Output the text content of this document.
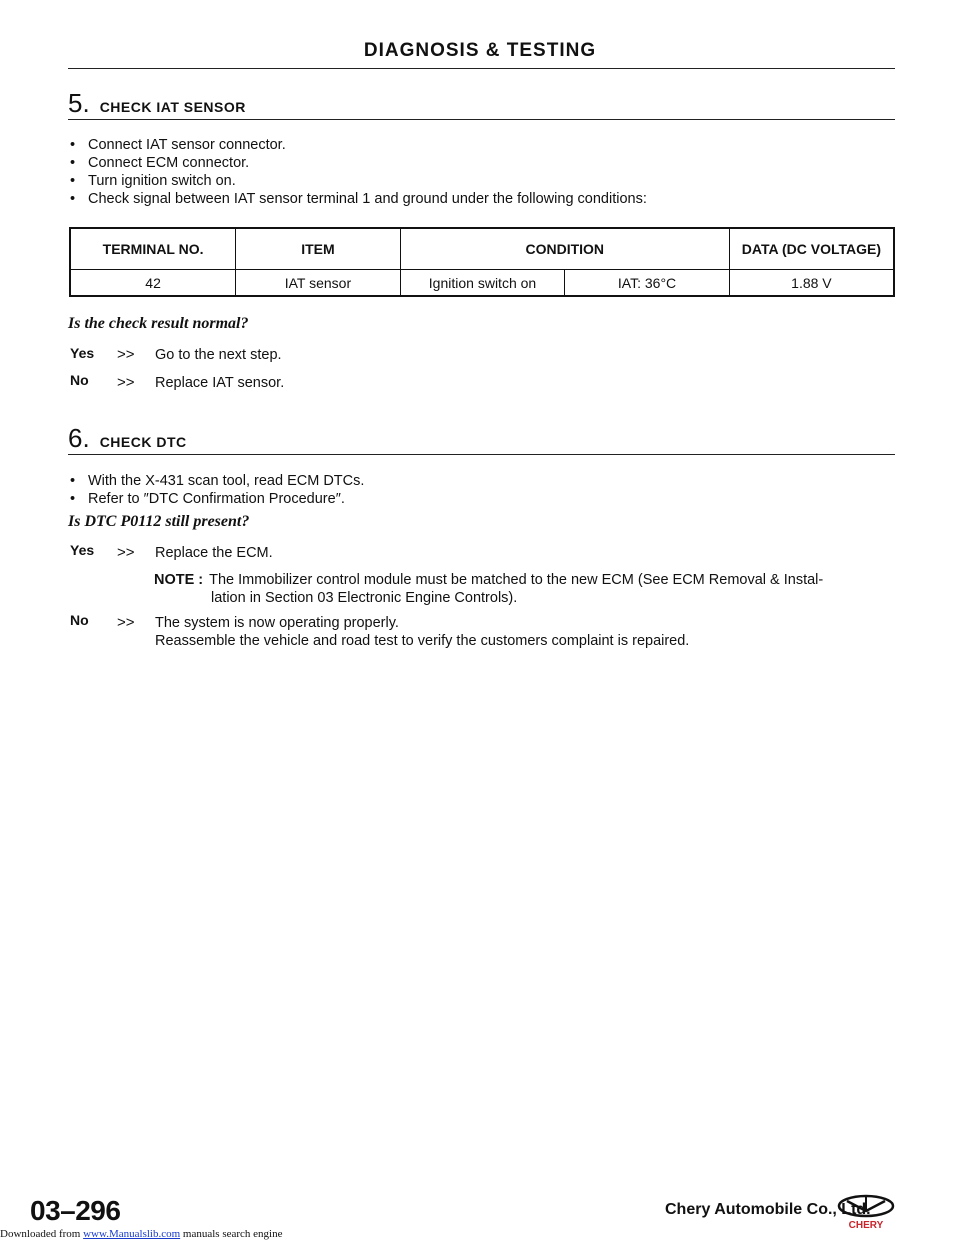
DIAGNOSIS & TESTING
5. CHECK IAT SENSOR
• Connect IAT sensor connector.
• Connect ECM connector.
• Turn ignition switch on.
• Check signal between IAT sensor terminal 1 and ground under the following conditions:
TERMINAL NO.	ITEM	CONDITION		DATA (DC VOLTAGE)
42	IAT sensor	Ignition switch on	IAT: 36°C	1.88 V
Is the check result normal?
Yes >> Go to the next step.
No >> Replace IAT sensor.
6. CHECK DTC
• With the X-431 scan tool, read ECM DTCs.
• Refer to ″DTC Confirmation Procedure″.
Is DTC P0112 still present?
Yes >> Replace the ECM.
NOTE : The Immobilizer control module must be matched to the new ECM (See ECM Removal & Instal-
lation in Section 03 Electronic Engine Controls).
No >> The system is now operating properly.
Reassemble the vehicle and road test to verify the customers complaint is repaired.
03–296	Chery Automobile Co., Ltd.
CHERY
Downloaded from www.Manualslib.com manuals search engine
